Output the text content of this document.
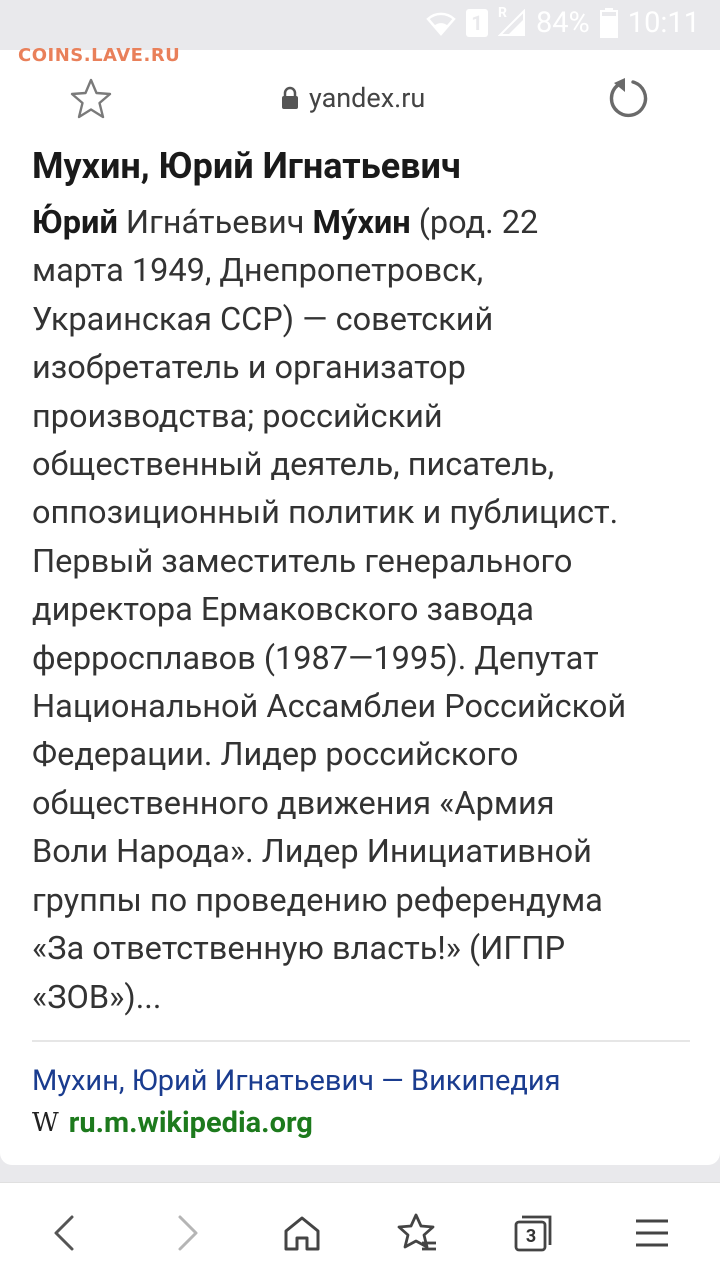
1	R 84% 10:11
COINS.LAVE.RU
yandex.ru
Мухин, Юрий Игнатьевич
Ю́рий Игна́тьевич Му́хин (род. 22
марта 1949, Днепропетровск,
Украинская ССР) — советский
изобретатель и организатор
производства; российский
общественный деятель, писатель,
оппозиционный политик и публицист.
Первый заместитель генерального
директора Ермаковского завода
ферросплавов (1987—1995). Депутат
Национальной Ассамблеи Российской
Федерации. Лидер российского
общественного движения «Армия
Воли Народа». Лидер Инициативной
группы по проведению референдума
«За ответственную власть!» (ИГПР
«ЗОВ»)...
Мухин, Юрий Игнатьевич — Википедия
W ru.m.wikipedia.org
3
